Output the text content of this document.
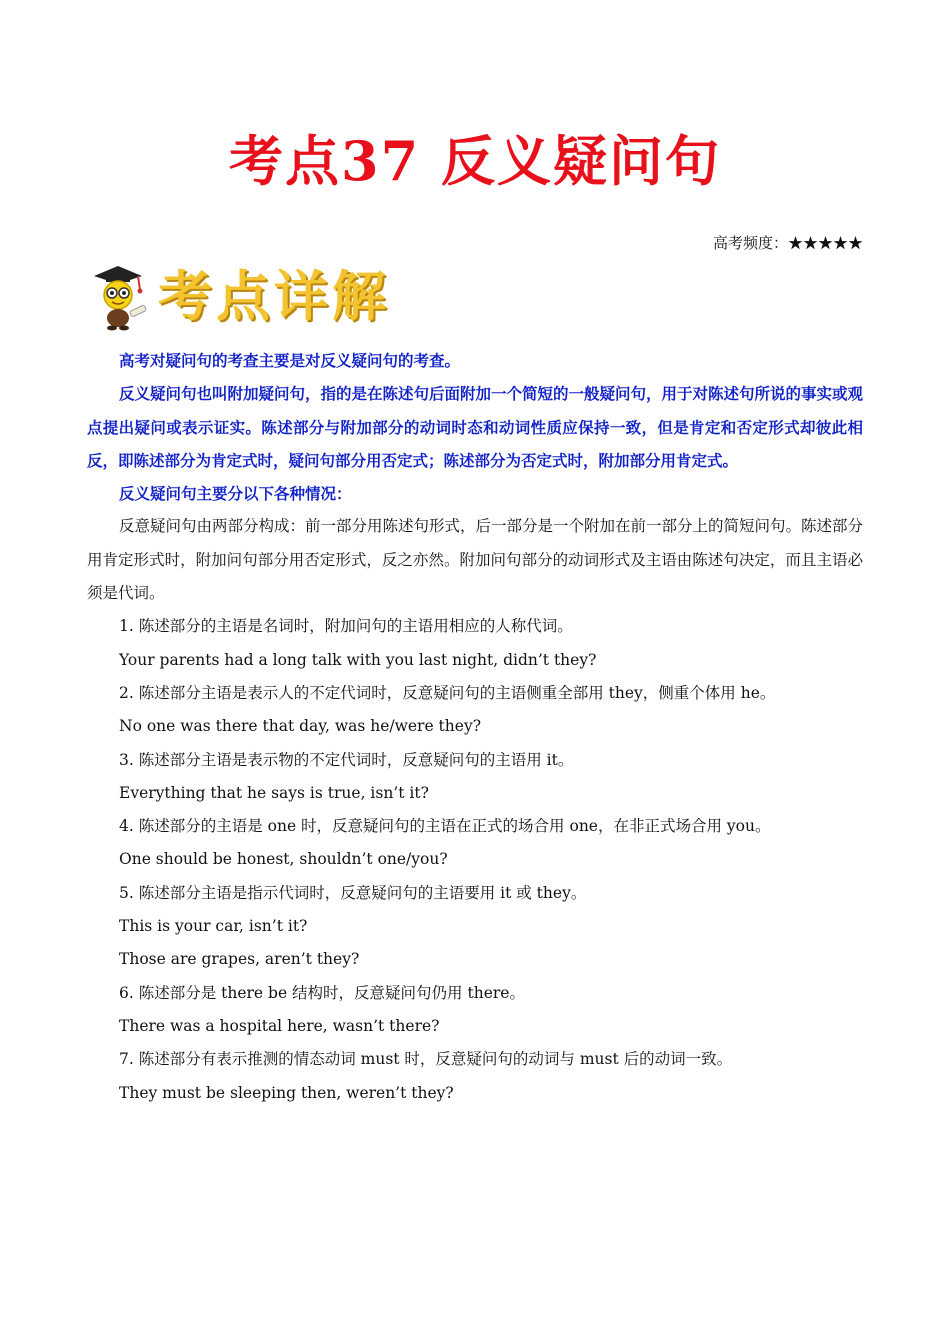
考点37 反义疑问句
高考频度：★★★★★
考点详解

高考对疑问句的考查主要是对反义疑问句的考查。

反义疑问句也叫附加疑问句，指的是在陈述句后面附加一个简短的一般疑问句，用于对陈述句所说的事实或观点提出疑问或表示证实。陈述部分与附加部分的动词时态和动词性质应保持一致，但是肯定和否定形式却彼此相反，即陈述部分为肯定式时，疑问句部分用否定式；陈述部分为否定式时，附加部分用肯定式。

反义疑问句主要分以下各种情况：

反意疑问句由两部分构成：前一部分用陈述句形式，后一部分是一个附加在前一部分上的简短问句。陈述部分用肯定形式时，附加问句部分用否定形式，反之亦然。附加问句部分的动词形式及主语由陈述句决定，而且主语必须是代词。

1. 陈述部分的主语是名词时，附加问句的主语用相应的人称代词。

Your parents had a long talk with you last night, didn’t they?

2. 陈述部分主语是表示人的不定代词时，反意疑问句的主语侧重全部用 they，侧重个体用 he。

No one was there that day, was he/were they?

3. 陈述部分主语是表示物的不定代词时，反意疑问句的主语用 it。

Everything that he says is true, isn’t it?

4. 陈述部分的主语是 one 时，反意疑问句的主语在正式的场合用 one，在非正式场合用 you。

One should be honest, shouldn’t one/you?

5. 陈述部分主语是指示代词时，反意疑问句的主语要用 it 或 they。

This is your car, isn’t it?

Those are grapes, aren’t they?

6. 陈述部分是 there be 结构时，反意疑问句仍用 there。

There was a hospital here, wasn’t there?

7. 陈述部分有表示推测的情态动词 must 时，反意疑问句的动词与 must 后的动词一致。

They must be sleeping then, weren’t they?
